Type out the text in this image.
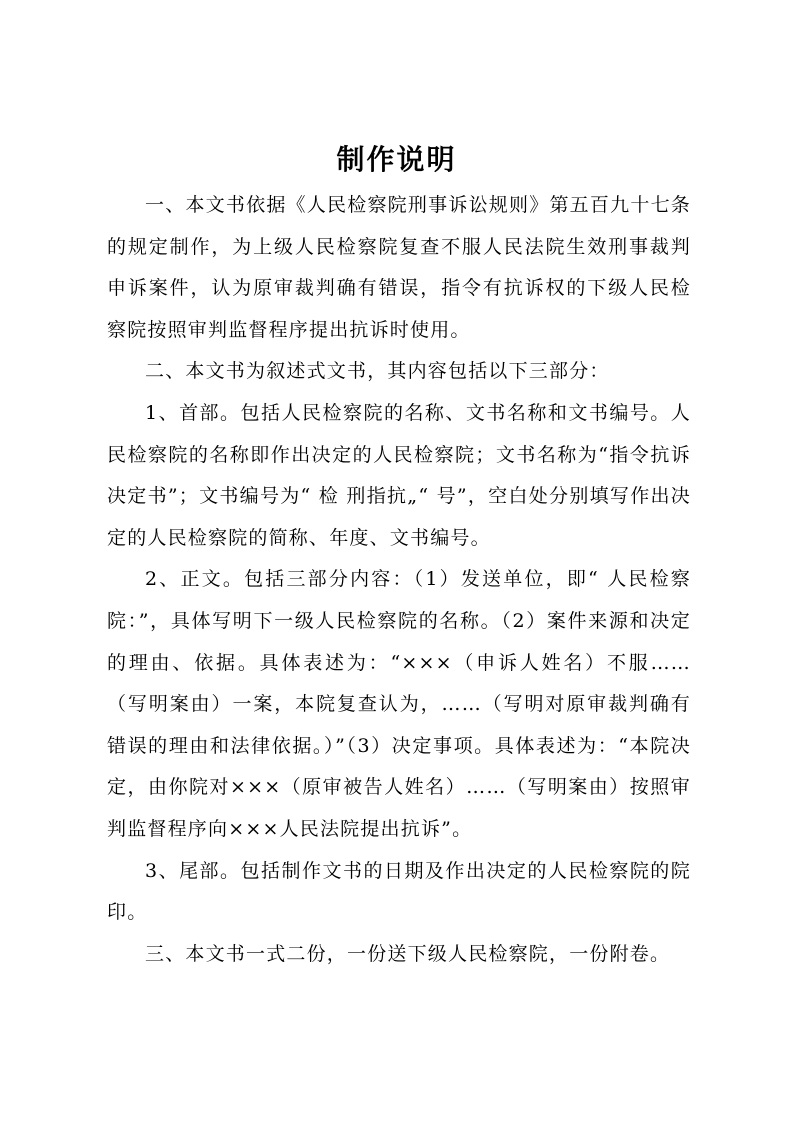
制作说明

一、本文书依据《人民检察院刑事诉讼规则》第五百九十七条的规定制作，为上级人民检察院复查不服人民法院生效刑事裁判申诉案件，认为原审裁判确有错误，指令有抗诉权的下级人民检察院按照审判监督程序提出抗诉时使用。

二、本文书为叙述式文书，其内容包括以下三部分：

1、首部。包括人民检察院的名称、文书名称和文书编号。人民检察院的名称即作出决定的人民检察院；文书名称为“指令抗诉决定书”；文书编号为“ 检 刑指抗„“ 号”，空白处分别填写作出决定的人民检察院的简称、年度、文书编号。

2、正文。包括三部分内容：（1）发送单位，即“ 人民检察院：”，具体写明下一级人民检察院的名称。（2）案件来源和决定的理由、依据。具体表述为：“×××（申诉人姓名）不服……（写明案由）一案，本院复查认为，……（写明对原审裁判确有错误的理由和法律依据。）”（3）决定事项。具体表述为：“本院决定，由你院对×××（原审被告人姓名）……（写明案由）按照审判监督程序向×××人民法院提出抗诉”。

3、尾部。包括制作文书的日期及作出决定的人民检察院的院印。

三、本文书一式二份，一份送下级人民检察院，一份附卷。
